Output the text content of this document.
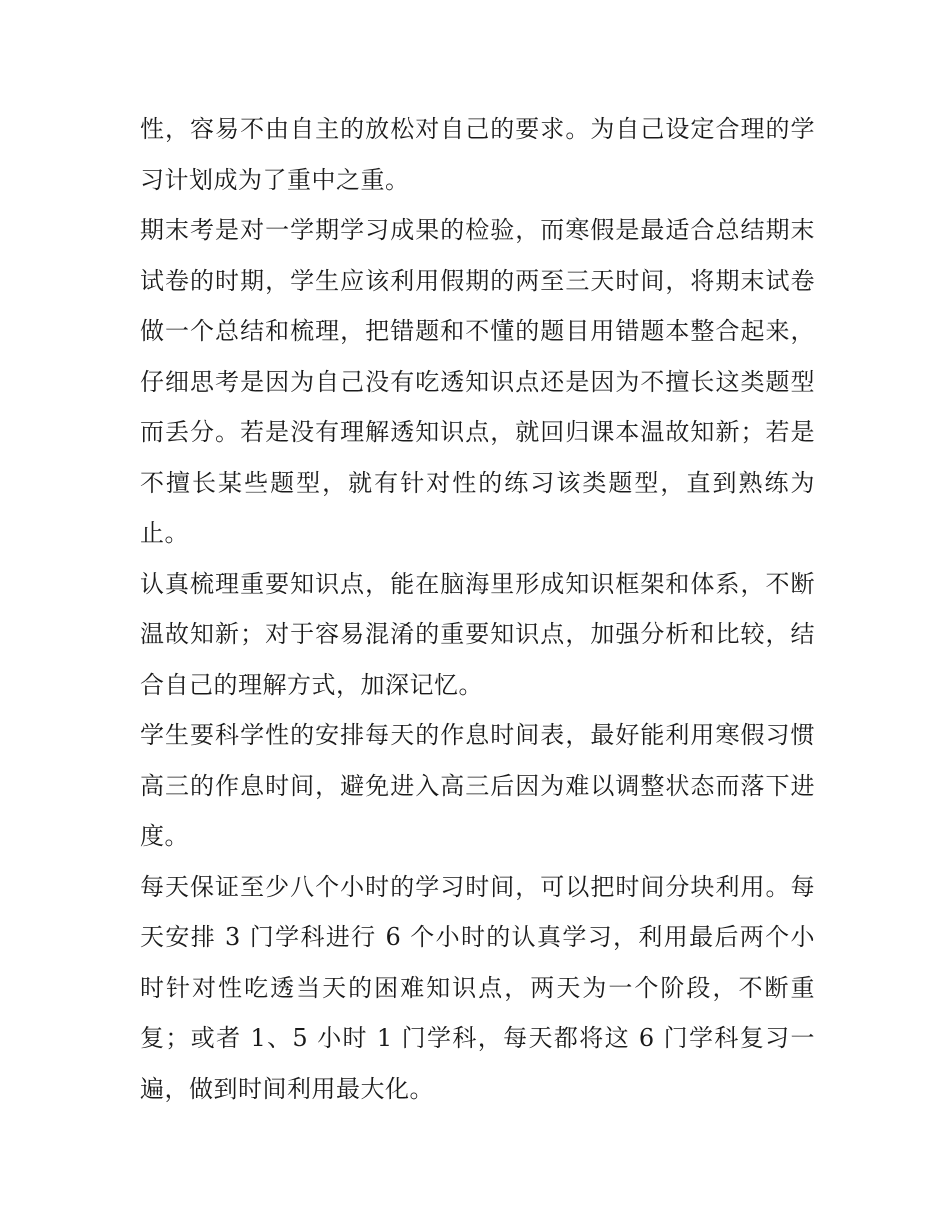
性，容易不由自主的放松对自己的要求。为自己设定合理的学习计划成为了重中之重。

期末考是对一学期学习成果的检验，而寒假是最适合总结期末试卷的时期，学生应该利用假期的两至三天时间，将期末试卷做一个总结和梳理，把错题和不懂的题目用错题本整合起来，仔细思考是因为自己没有吃透知识点还是因为不擅长这类题型而丢分。若是没有理解透知识点，就回归课本温故知新；若是不擅长某些题型，就有针对性的练习该类题型，直到熟练为止。

认真梳理重要知识点，能在脑海里形成知识框架和体系，不断温故知新；对于容易混淆的重要知识点，加强分析和比较，结合自己的理解方式，加深记忆。

学生要科学性的安排每天的作息时间表，最好能利用寒假习惯高三的作息时间，避免进入高三后因为难以调整状态而落下进度。

每天保证至少八个小时的学习时间，可以把时间分块利用。每天安排 3 门学科进行 6 个小时的认真学习，利用最后两个小时针对性吃透当天的困难知识点，两天为一个阶段，不断重复；或者 1、5 小时 1 门学科，每天都将这 6 门学科复习一遍，做到时间利用最大化。
